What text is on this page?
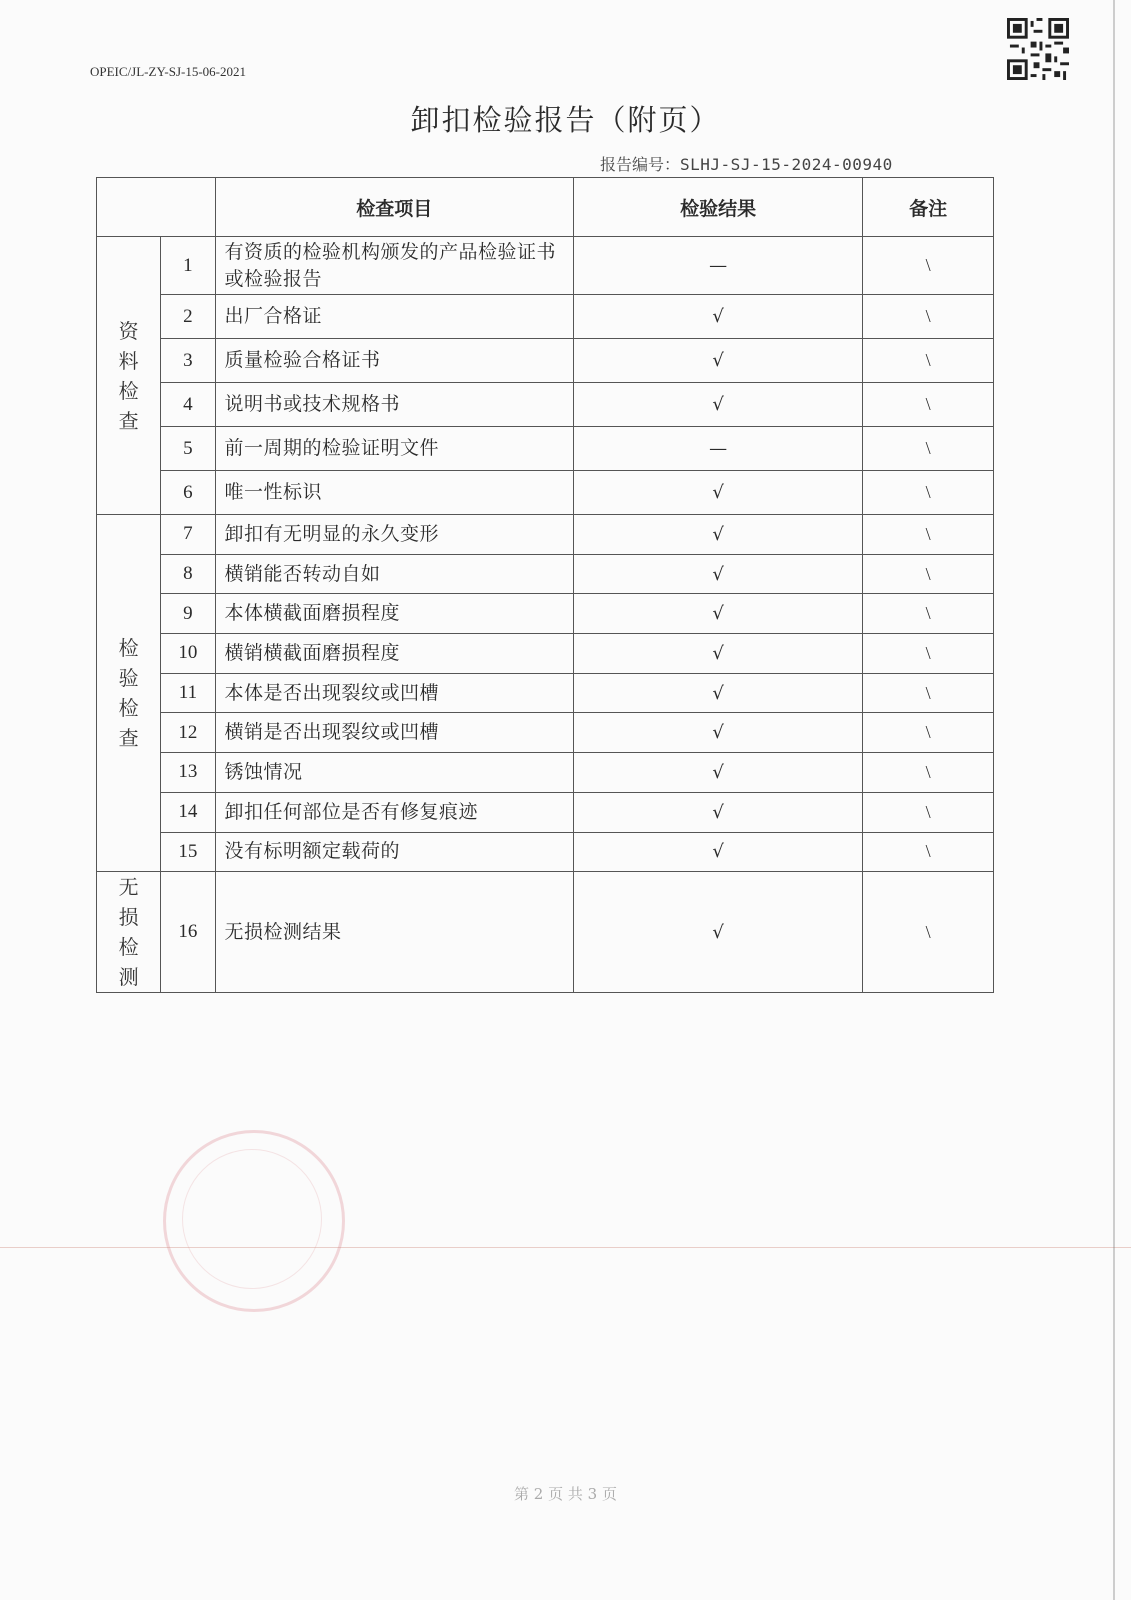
OPEIC/JL-ZY-SJ-15-06-2021
卸扣检验报告（附页）
报告编号：SLHJ-SJ-15-2024-00940
		检查项目	检验结果	备注
资料检查	1	有资质的检验机构颁发的产品检验证书或检验报告	—	\
	2	出厂合格证	√	\
	3	质量检验合格证书	√	\
	4	说明书或技术规格书	√	\
	5	前一周期的检验证明文件	—	\
	6	唯一性标识	√	\
检验检查	7	卸扣有无明显的永久变形	√	\
	8	横销能否转动自如	√	\
	9	本体横截面磨损程度	√	\
	10	横销横截面磨损程度	√	\
	11	本体是否出现裂纹或凹槽	√	\
	12	横销是否出现裂纹或凹槽	√	\
	13	锈蚀情况	√	\
	14	卸扣任何部位是否有修复痕迹	√	\
	15	没有标明额定载荷的	√	\
无损检测	16	无损检测结果	√	\
第 2 页 共 3 页
